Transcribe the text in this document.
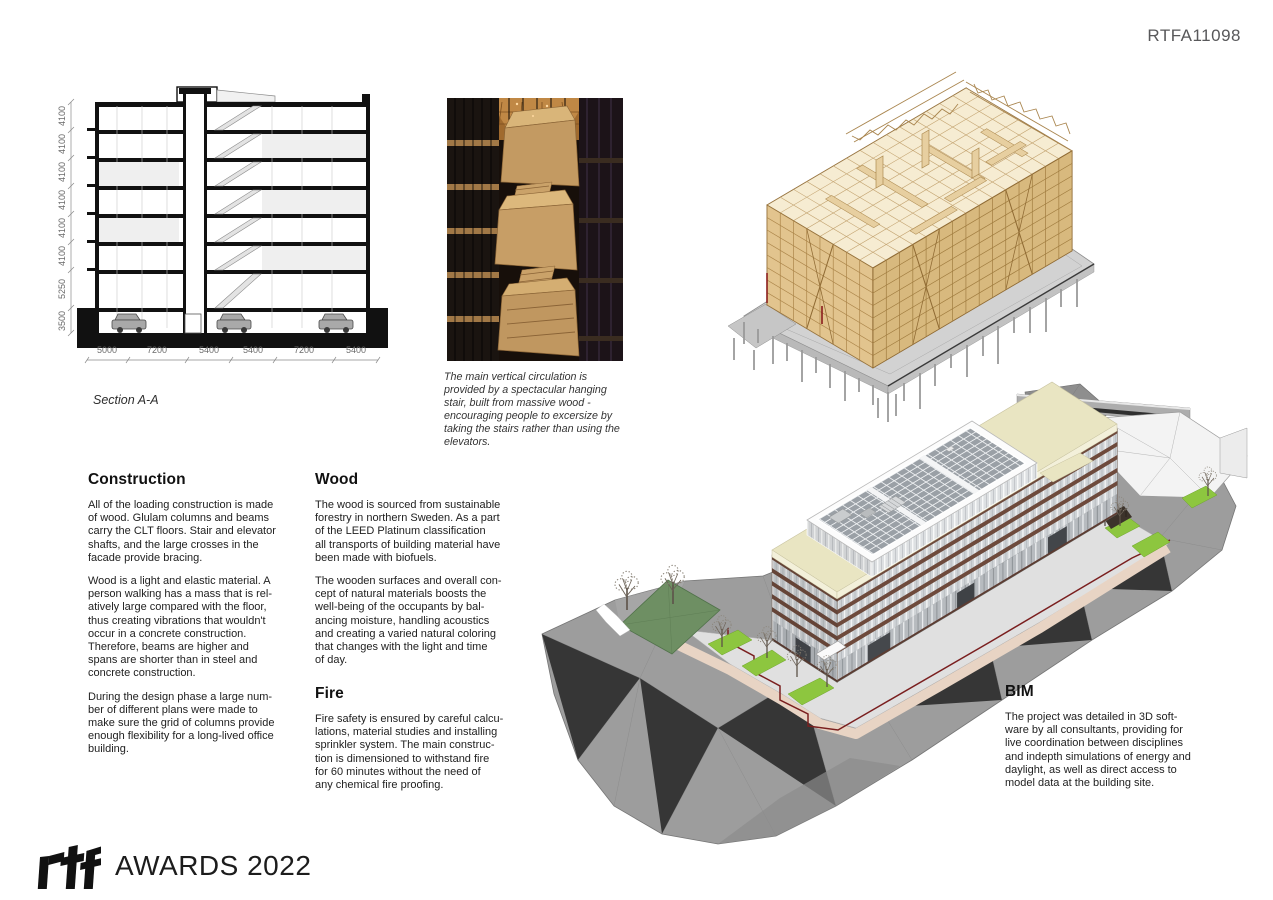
RTFA11098
4100
4100
4100
4100
4100
4100
5250
3500
5000	7200	5400	5400	7200	5400
Section A-A
The main vertical circulation is
provided by a spectacular hanging
stair, built from massive wood -
encouraging people to excersize by
taking the stairs rather than using the
elevators.
Construction

All of the loading construction is made
of wood. Glulam columns and beams
carry the CLT floors. Stair and elevator
shafts, and the large crosses in the
facade provide bracing.

Wood is a light and elastic material. A
person walking has a mass that is rel-
atively large compared with the floor,
thus creating vibrations that wouldn't
occur in a concrete construction.
Therefore, beams are higher and
spans are shorter than in steel and
concrete construction.

During the design phase a large num-
ber of different plans were made to
make sure the grid of columns provide
enough flexibility for a long-lived office
building.

Wood

The wood is sourced from sustainable
forestry in northern Sweden. As a part
of the LEED Platinum classification
all transports of building material have
been made with biofuels.

The wooden surfaces and overall con-
cept of natural materials boosts the
well-being of the occupants by bal-
ancing moisture, handling acoustics
and creating a varied natural coloring
that changes with the light and time
of day.

Fire

Fire safety is ensured by careful calcu-
lations, material studies and installing
sprinkler system. The main construc-
tion is dimensioned to withstand fire
for 60 minutes without the need of
any chemical fire proofing.

BIM

The project was detailed in 3D soft-
ware by all consultants, providing for
live coordination between disciplines
and indepth simulations of energy and
daylight, as well as direct access to
model data at the building site.

AWARDS 2022
